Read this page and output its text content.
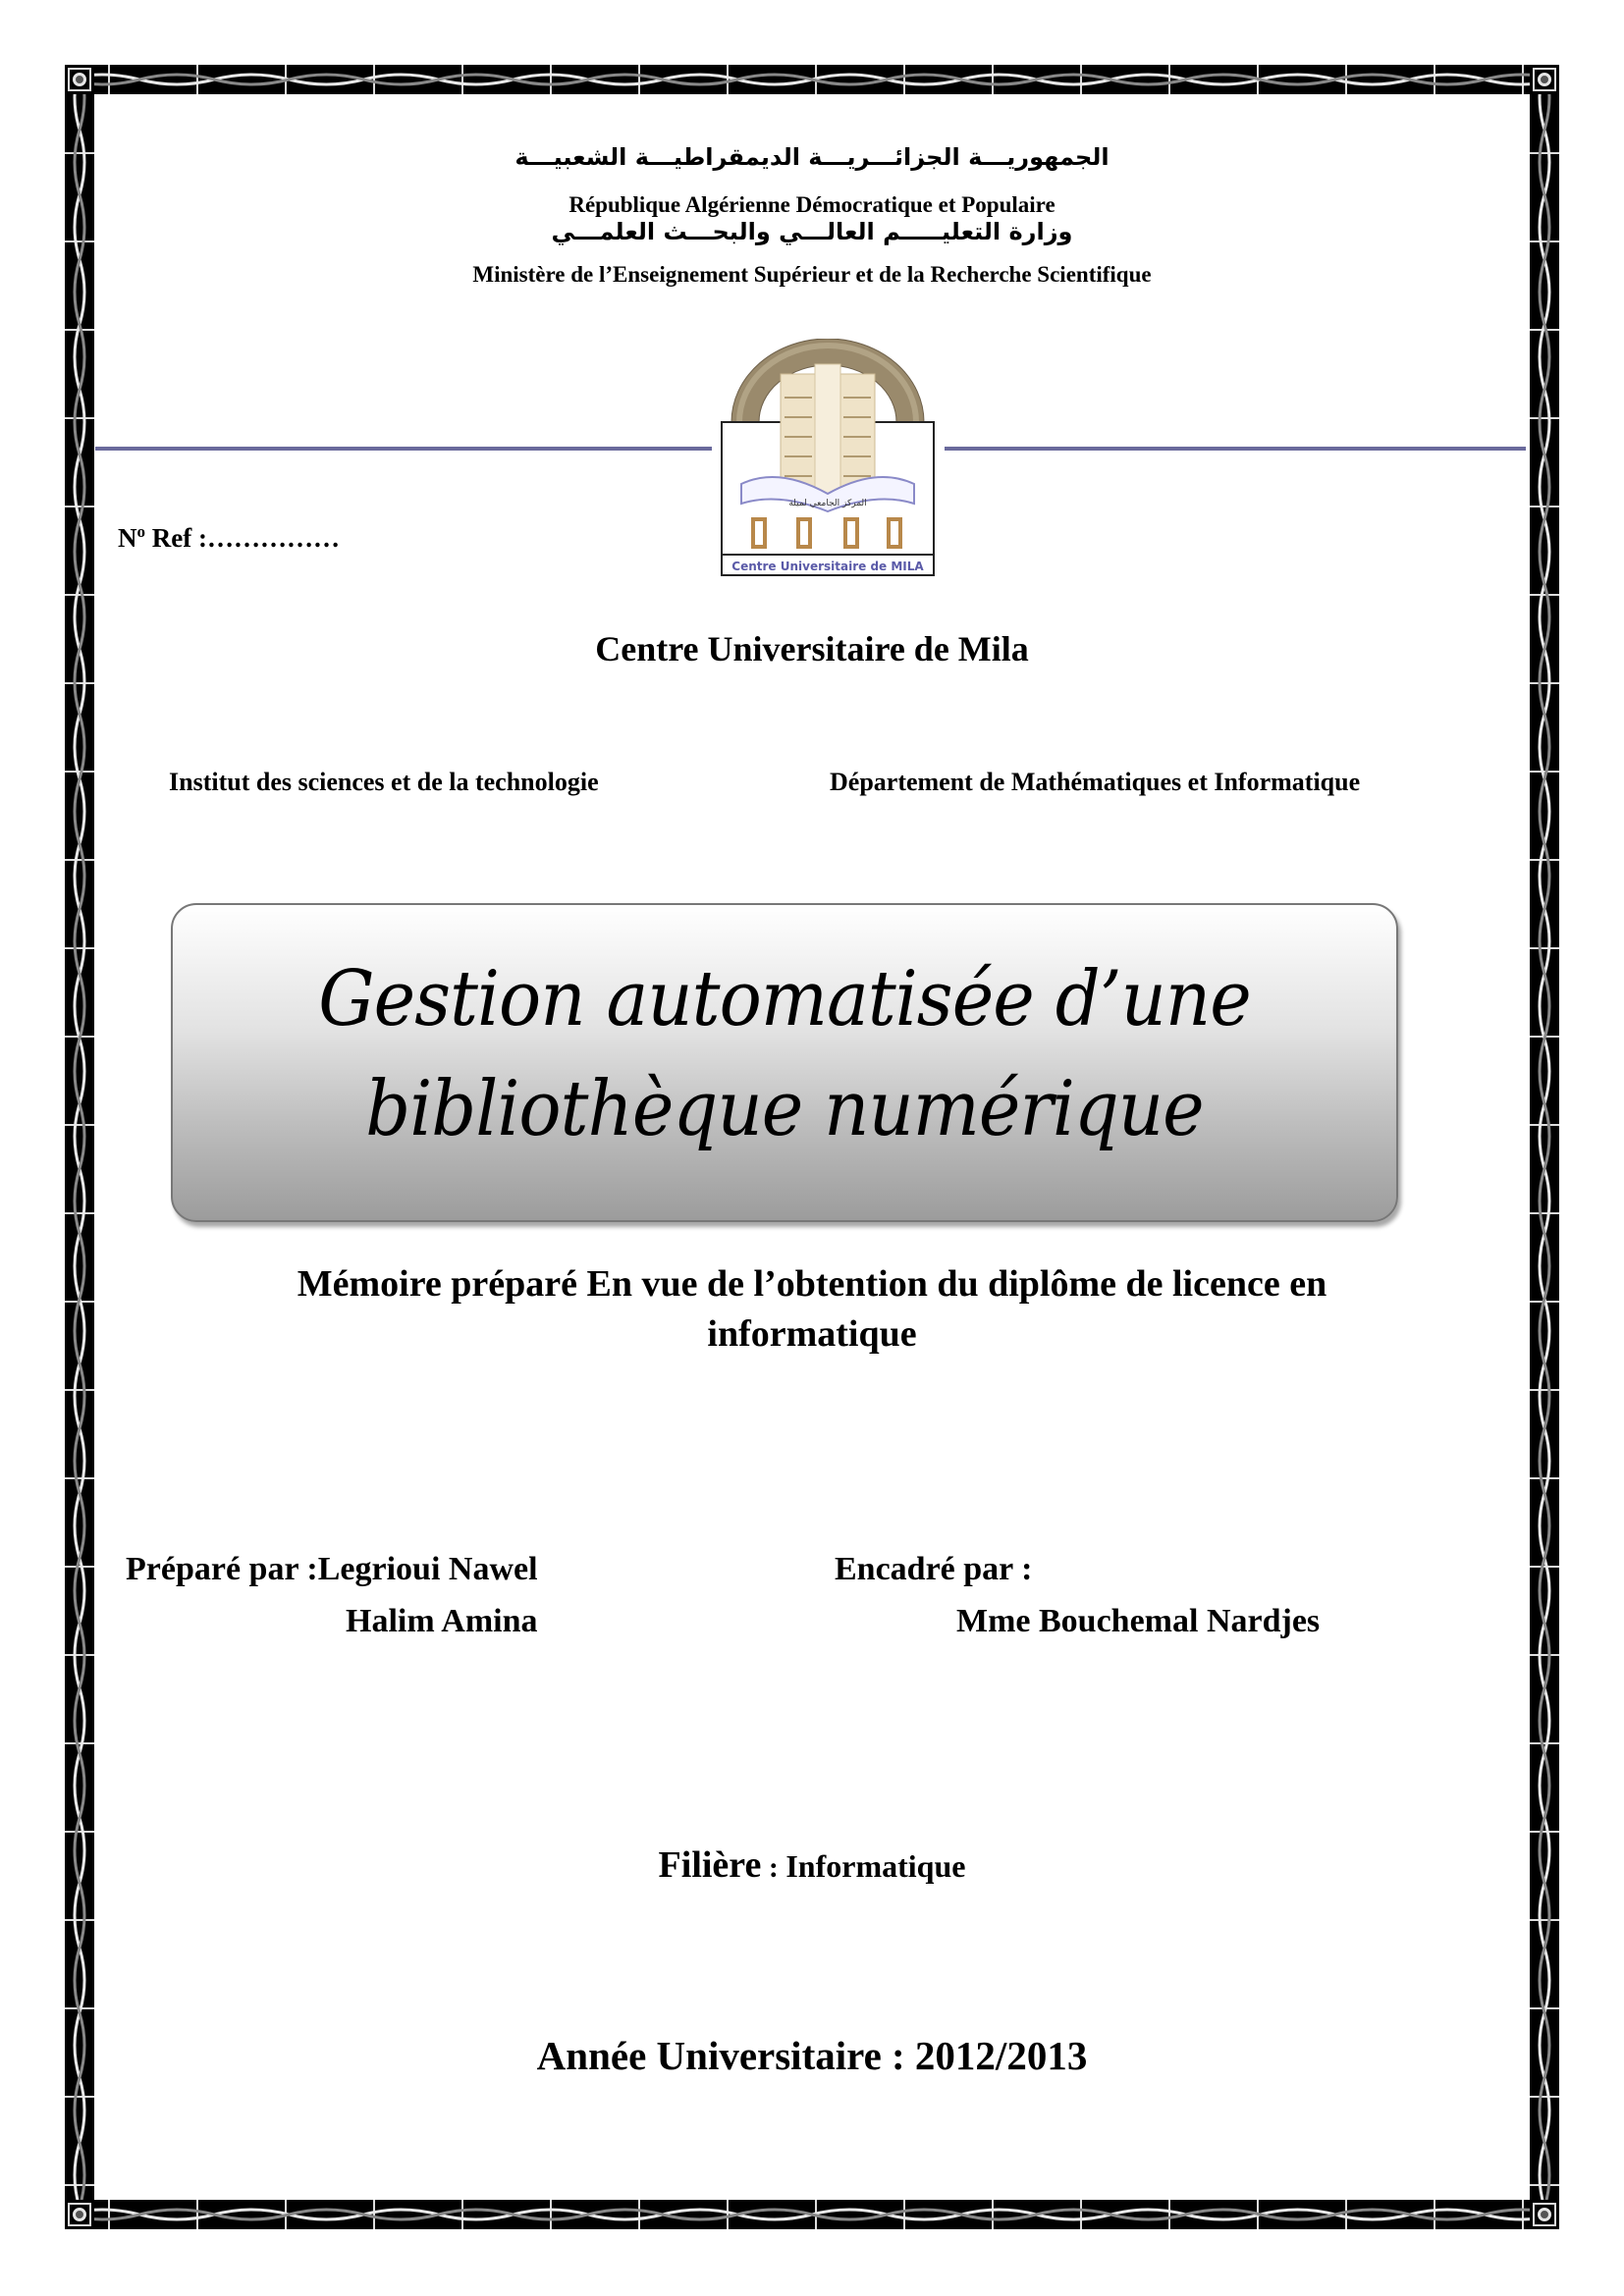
الجمهوريـــة الجزائـــريـــة الديمقراطيـــة الشعبيـــة
République Algérienne Démocratique et Populaire
وزارة التعليـــــم العالـــي والبحـــث العلمـــي
Ministère de l’Enseignement Supérieur et de la Recherche Scientifique
المركز الجامعي لميلة
Centre Universitaire de MILA
$N^o$ Ref :……………
Centre Universitaire de Mila
Institut des sciences et de la technologie	Département de Mathématiques et Informatique
Gestion automatisée d’une
bibliothèque numérique
Mémoire préparé En vue de l’obtention du diplôme de licence en
informatique
Préparé par :Legrioui Nawel
Halim Amina
Encadré par :
Mme Bouchemal Nardjes
Filière : Informatique
Année Universitaire : 2012/2013
